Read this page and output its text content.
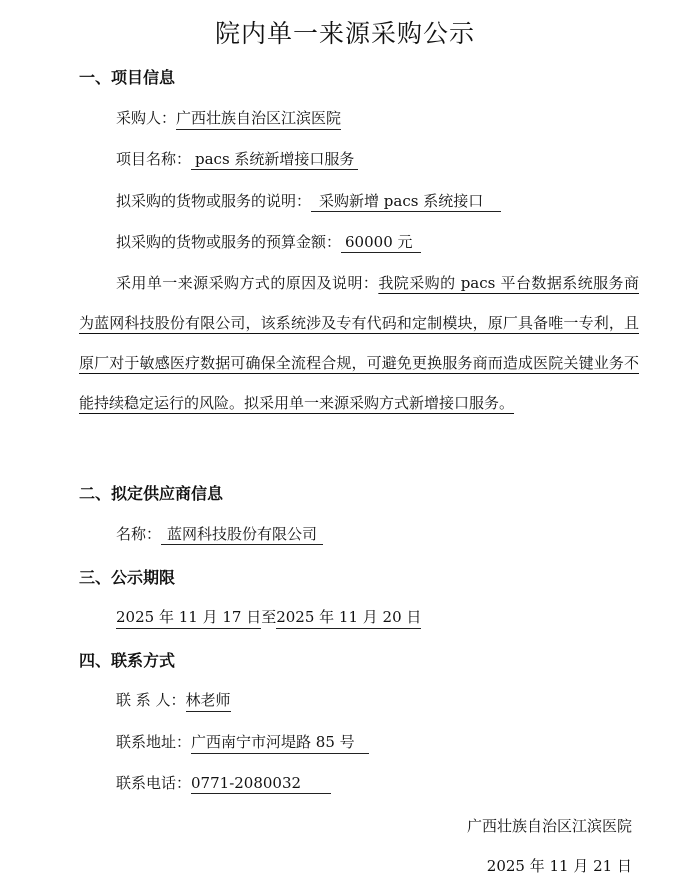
院内单一来源采购公示
一、项目信息
采购人：广西壮族自治区江滨医院
项目名称：pacs 系统新增接口服务
拟采购的货物或服务的说明：采购新增 pacs 系统接口
拟采购的货物或服务的预算金额：60000 元
采用单一来源采购方式的原因及说明：我院采购的 pacs 平台数据系统服务商为蓝网科技股份有限公司，该系统涉及专有代码和定制模块，原厂具备唯一专利，且原厂对于敏感医疗数据可确保全流程合规，可避免更换服务商而造成医院关键业务不能持续稳定运行的风险。拟采用单一来源采购方式新增接口服务。
二、拟定供应商信息
名称：蓝网科技股份有限公司
三、公示期限
2025 年 11 月 17 日至2025 年 11 月 20 日
四、联系方式
联 系 人：林老师
联系地址：广西南宁市河堤路 85 号
联系电话：0771-2080032
广西壮族自治区江滨医院
2025 年 11 月 21 日
